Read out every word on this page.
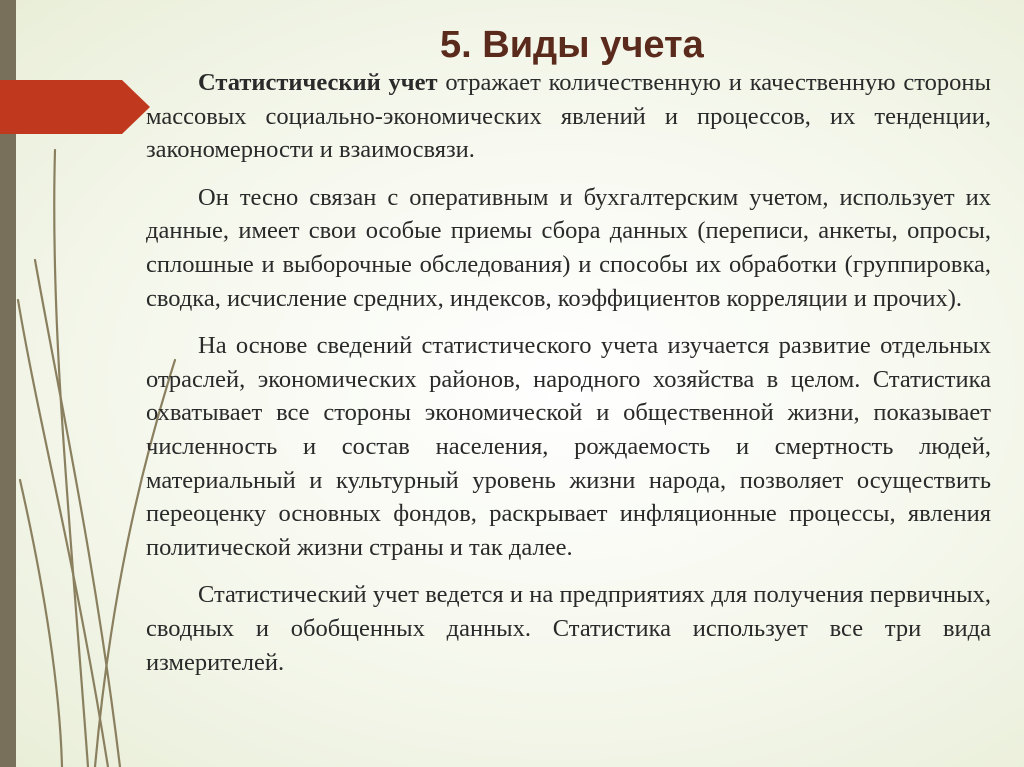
5. Виды учета

Статистический учет отражает количественную и качественную стороны массовых социально-экономических явлений и процессов, их тенденции, закономерности и взаимосвязи.

Он тесно связан с оперативным и бухгалтерским учетом, использует их данные, имеет свои особые приемы сбора данных (переписи, анкеты, опросы, сплошные и выборочные обследования) и способы их обработки (группировка, сводка, исчисление средних, индексов, коэффициентов корреляции и прочих).

На основе сведений статистического учета изучается развитие отдельных отраслей, экономических районов, народного хозяйства в целом. Статистика охватывает все стороны экономической и общественной жизни, показывает численность и состав населения, рождаемость и смертность людей, материальный и культурный уровень жизни народа, позволяет осуществить переоценку основных фондов, раскрывает инфляционные процессы, явления политической жизни страны и так далее.

Статистический учет ведется и на предприятиях для получения первичных, сводных и обобщенных данных. Статистика использует все три вида измерителей.
